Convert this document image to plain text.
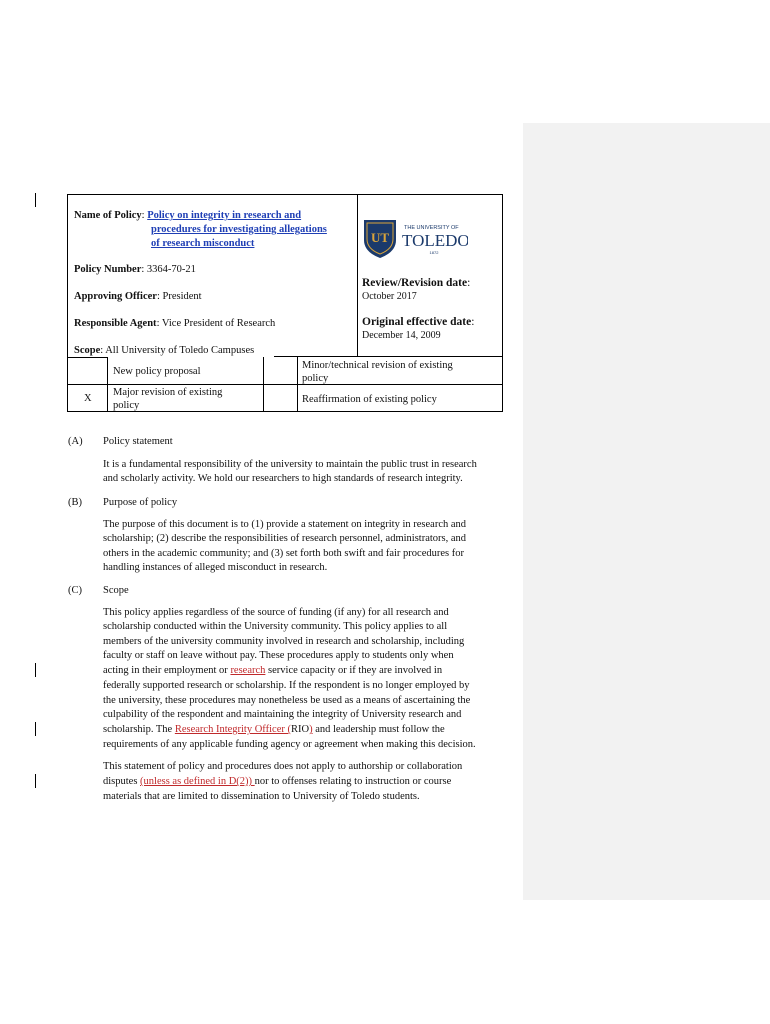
Name of Policy: Policy on integrity in research and
procedures for investigating allegations
of research misconduct	UT
THE UNIVERSITY OF
TOLEDO
1872
Policy Number: 3364-70-21
Approving Officer: President
Responsible Agent: Vice President of Research
Scope: All University of Toledo Campuses
Review/Revision date:
October 2017
Original effective date:
December 14, 2009
New policy proposal
Minor/technical revision of existing
policy
X
Major revision of existing
policy
Reaffirmation of existing policy
(A) Policy statement
It is a fundamental responsibility of the university to maintain the public trust in research
and scholarly activity. We hold our researchers to high standards of research integrity.
(B) Purpose of policy
The purpose of this document is to (1) provide a statement on integrity in research and
scholarship; (2) describe the responsibilities of research personnel, administrators, and
others in the academic community; and (3) set forth both swift and fair procedures for
handling instances of alleged misconduct in research.
(C) Scope
This policy applies regardless of the source of funding (if any) for all research and
scholarship conducted within the University community. This policy applies to all
members of the university community involved in research and scholarship, including
faculty or staff on leave without pay. These procedures apply to students only when
acting in their employment or research service capacity or if they are involved in
federally supported research or scholarship. If the respondent is no longer employed by
the university, these procedures may nonetheless be used as a means of ascertaining the
culpability of the respondent and maintaining the integrity of University research and
scholarship. The Research Integrity Officer (RIO) and leadership must follow the
requirements of any applicable funding agency or agreement when making this decision.
This statement of policy and procedures does not apply to authorship or collaboration
disputes (unless as defined in D(2)) nor to offenses relating to instruction or course
materials that are limited to dissemination to University of Toledo students.
